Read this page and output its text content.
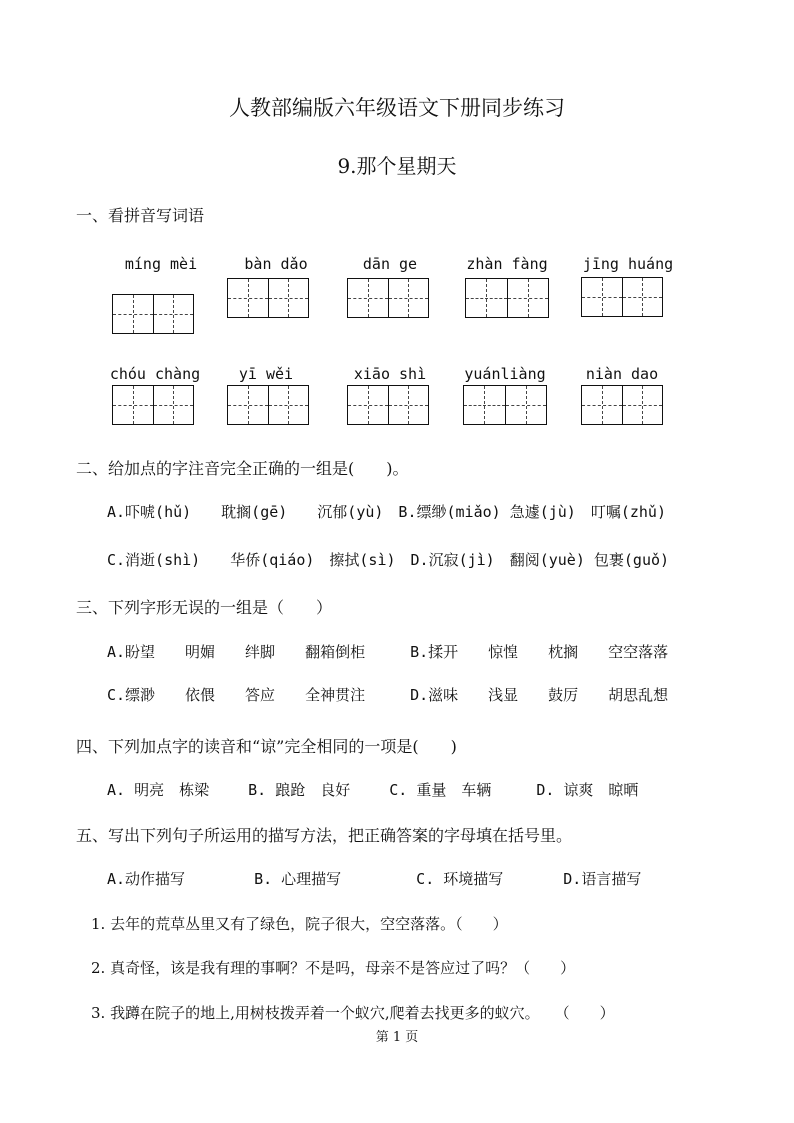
人教部编版六年级语文下册同步练习
9.那个星期天
一、看拼音写词语
míng mèi	bàn dǎo	dān ge	zhàn fàng	jīng huáng
chóu chàng	yī wěi	xiāo shì	yuánliàng	niàn dao
二、给加点的字注音完全正确的一组是(　　)。
A.吓唬(hǔ)　　耽搁(gē)　　沉郁(yù)　B.缥缈(miǎo) 急遽(jù)　叮嘱(zhǔ)
C.消逝(shì)　　华侨(qiáo)　擦拭(sì)　D.沉寂(jì)　翻阅(yuè) 包裹(guǒ)
三、下列字形无误的一组是（　　）
A.盼望　　明媚　　绊脚　　翻箱倒柜　　　B.揉开　　惊惶　　枕搁　　空空落落
C.缥渺　　依偎　　答应　　全神贯注　　　D.滋味　　浅显　　鼓厉　　胡思乱想
四、下列加点字的读音和“谅”完全相同的一项是(　　)
A. 明亮　栋梁　　 B. 踉跄　良好　　 C. 重量　车辆　　　D. 谅爽　晾晒
五、写出下列句子所运用的描写方法，把正确答案的字母填在括号里。
A.动作描写　　　　 B. 心理描写　　　　　C. 环境描写　　　　D.语言描写
1. 去年的荒草丛里又有了绿色，院子很大，空空落落。（　　）
2. 真奇怪，该是我有理的事啊？不是吗，母亲不是答应过了吗？（　　）
3. 我蹲在院子的地上,用树枝拨弄着一个蚁穴,爬着去找更多的蚁穴。　　（　　）
第 1 页
